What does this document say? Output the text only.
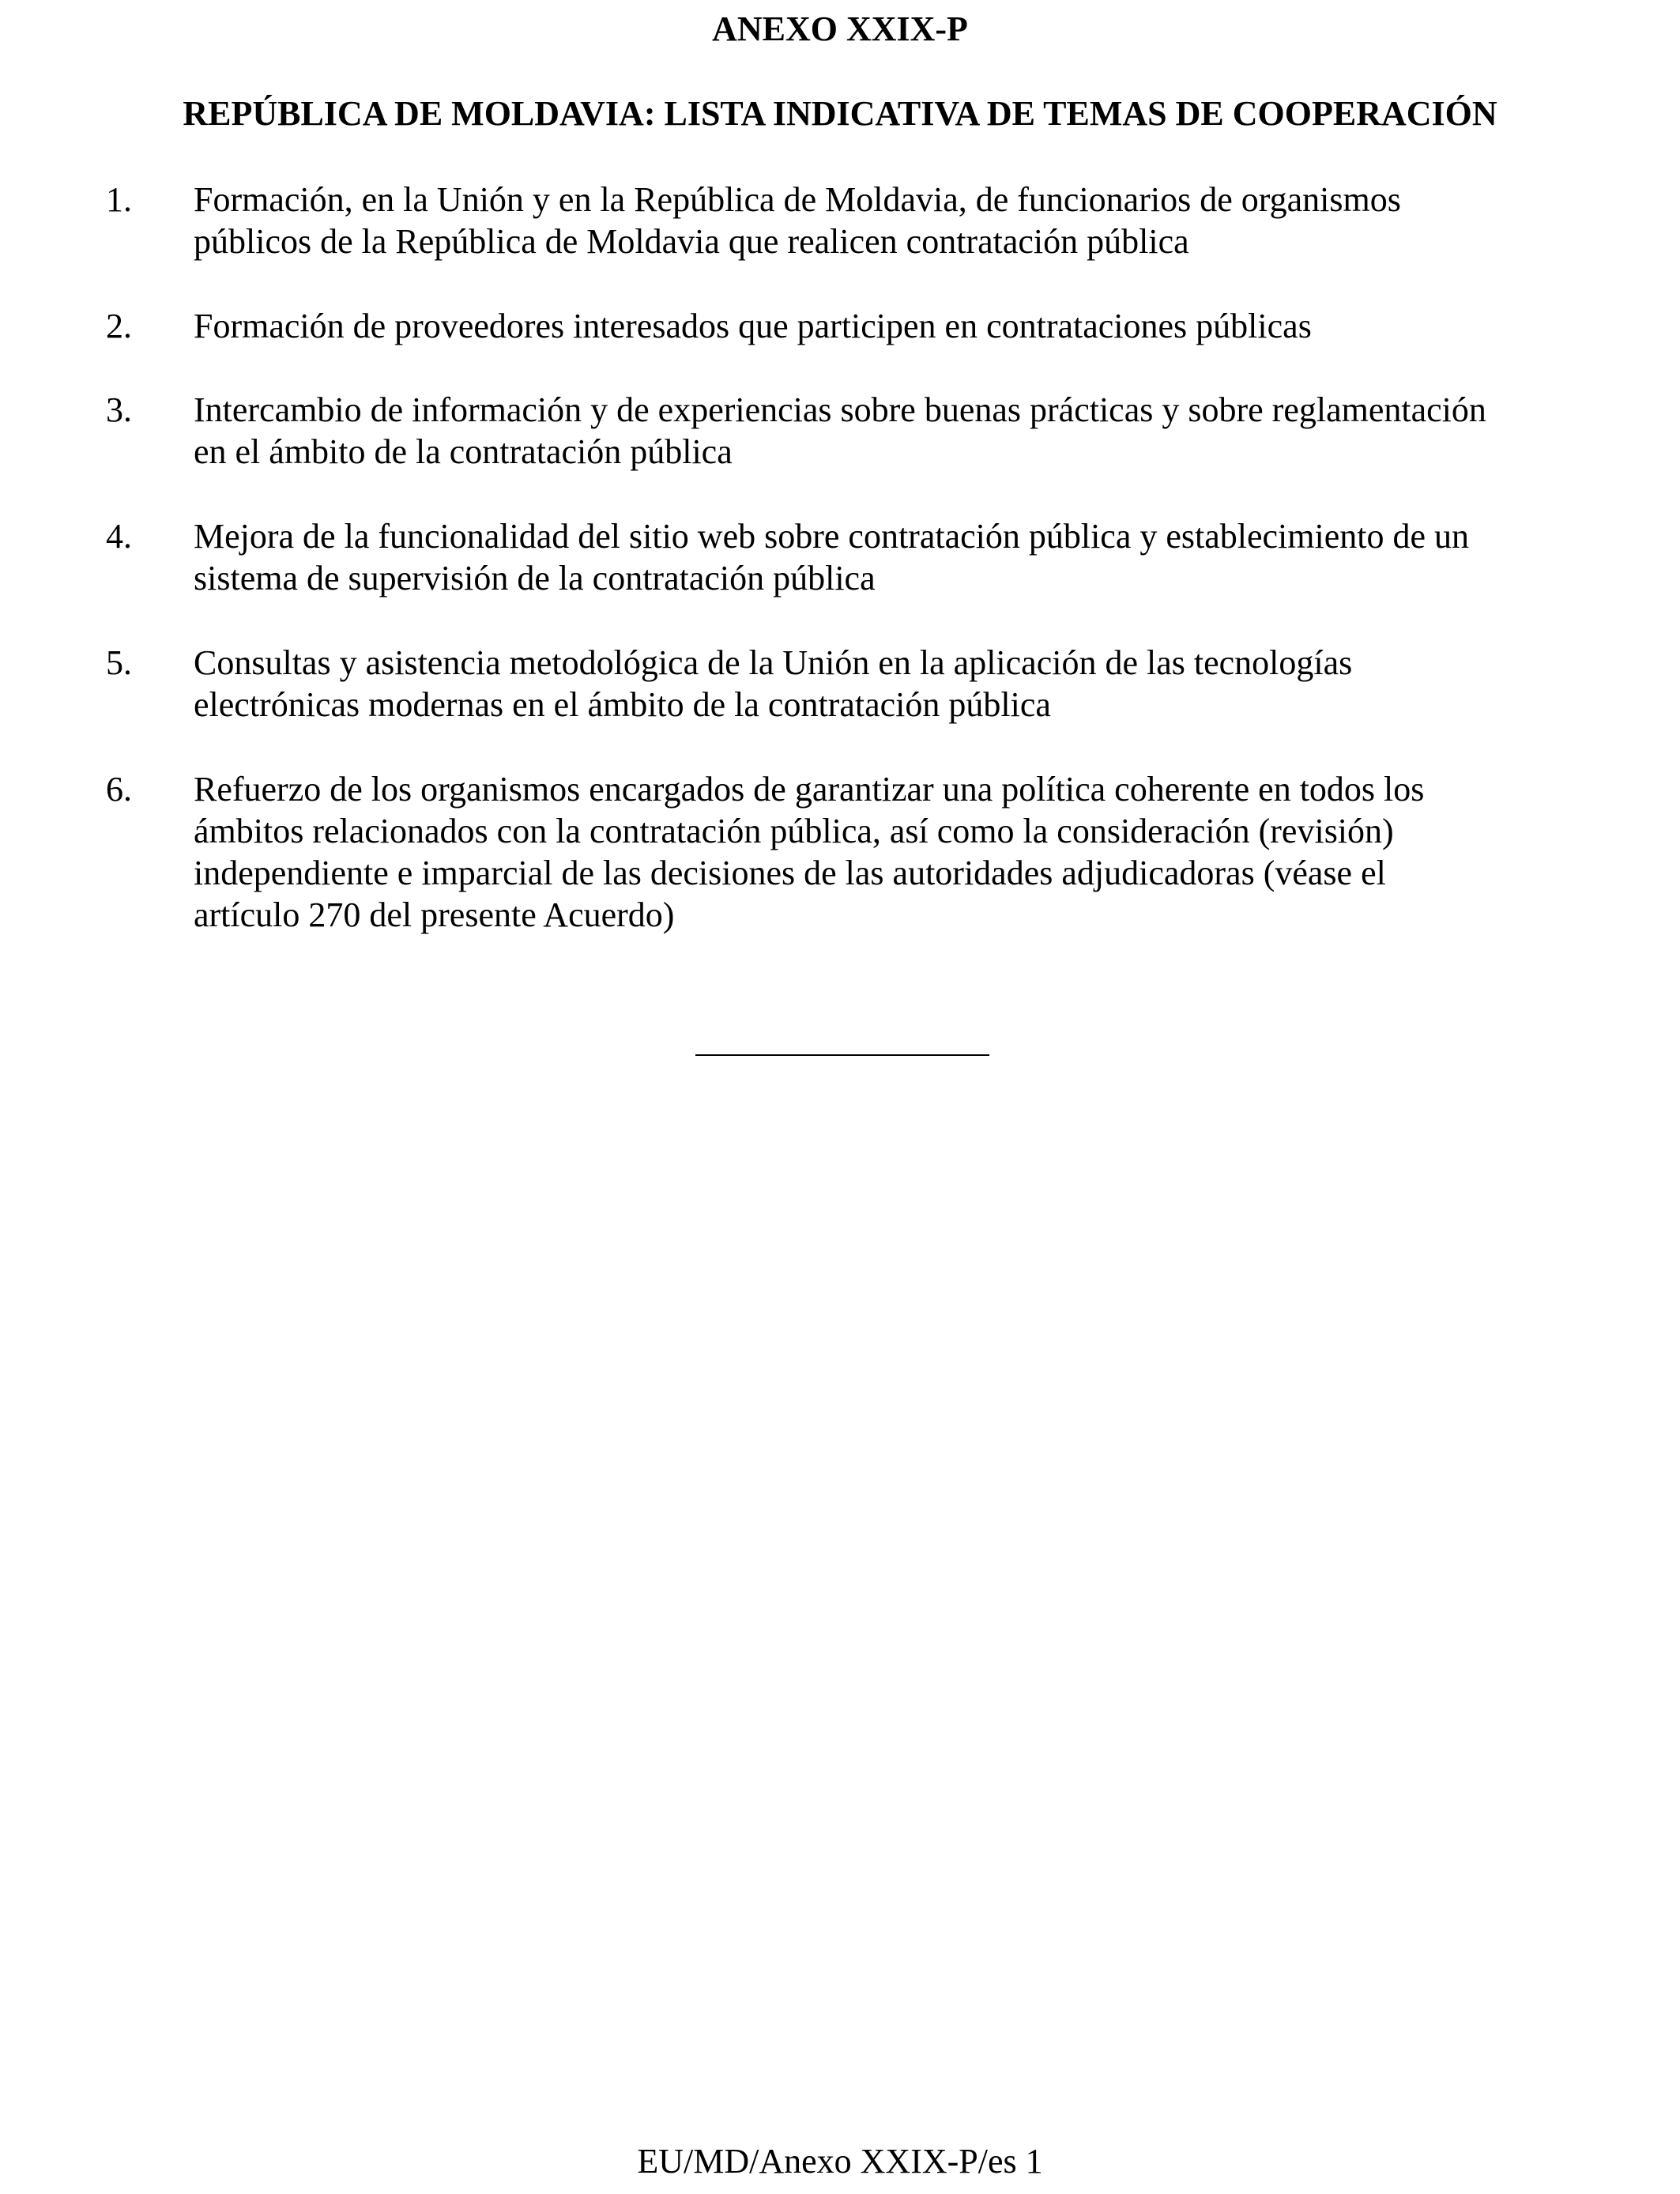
ANEXO XXIX-P
REPÚBLICA DE MOLDAVIA: LISTA INDICATIVA DE TEMAS DE COOPERACIÓN
1. Formación, en la Unión y en la República de Moldavia, de funcionarios de organismos
públicos de la República de Moldavia que realicen contratación pública
2. Formación de proveedores interesados que participen en contrataciones públicas
3. Intercambio de información y de experiencias sobre buenas prácticas y sobre reglamentación
en el ámbito de la contratación pública
4. Mejora de la funcionalidad del sitio web sobre contratación pública y establecimiento de un
sistema de supervisión de la contratación pública
5. Consultas y asistencia metodológica de la Unión en la aplicación de las tecnologías
electrónicas modernas en el ámbito de la contratación pública
6. Refuerzo de los organismos encargados de garantizar una política coherente en todos los
ámbitos relacionados con la contratación pública, así como la consideración (revisión)
independiente e imparcial de las decisiones de las autoridades adjudicadoras (véase el
artículo 270 del presente Acuerdo)
EU/MD/Anexo XXIX-P/es 1
